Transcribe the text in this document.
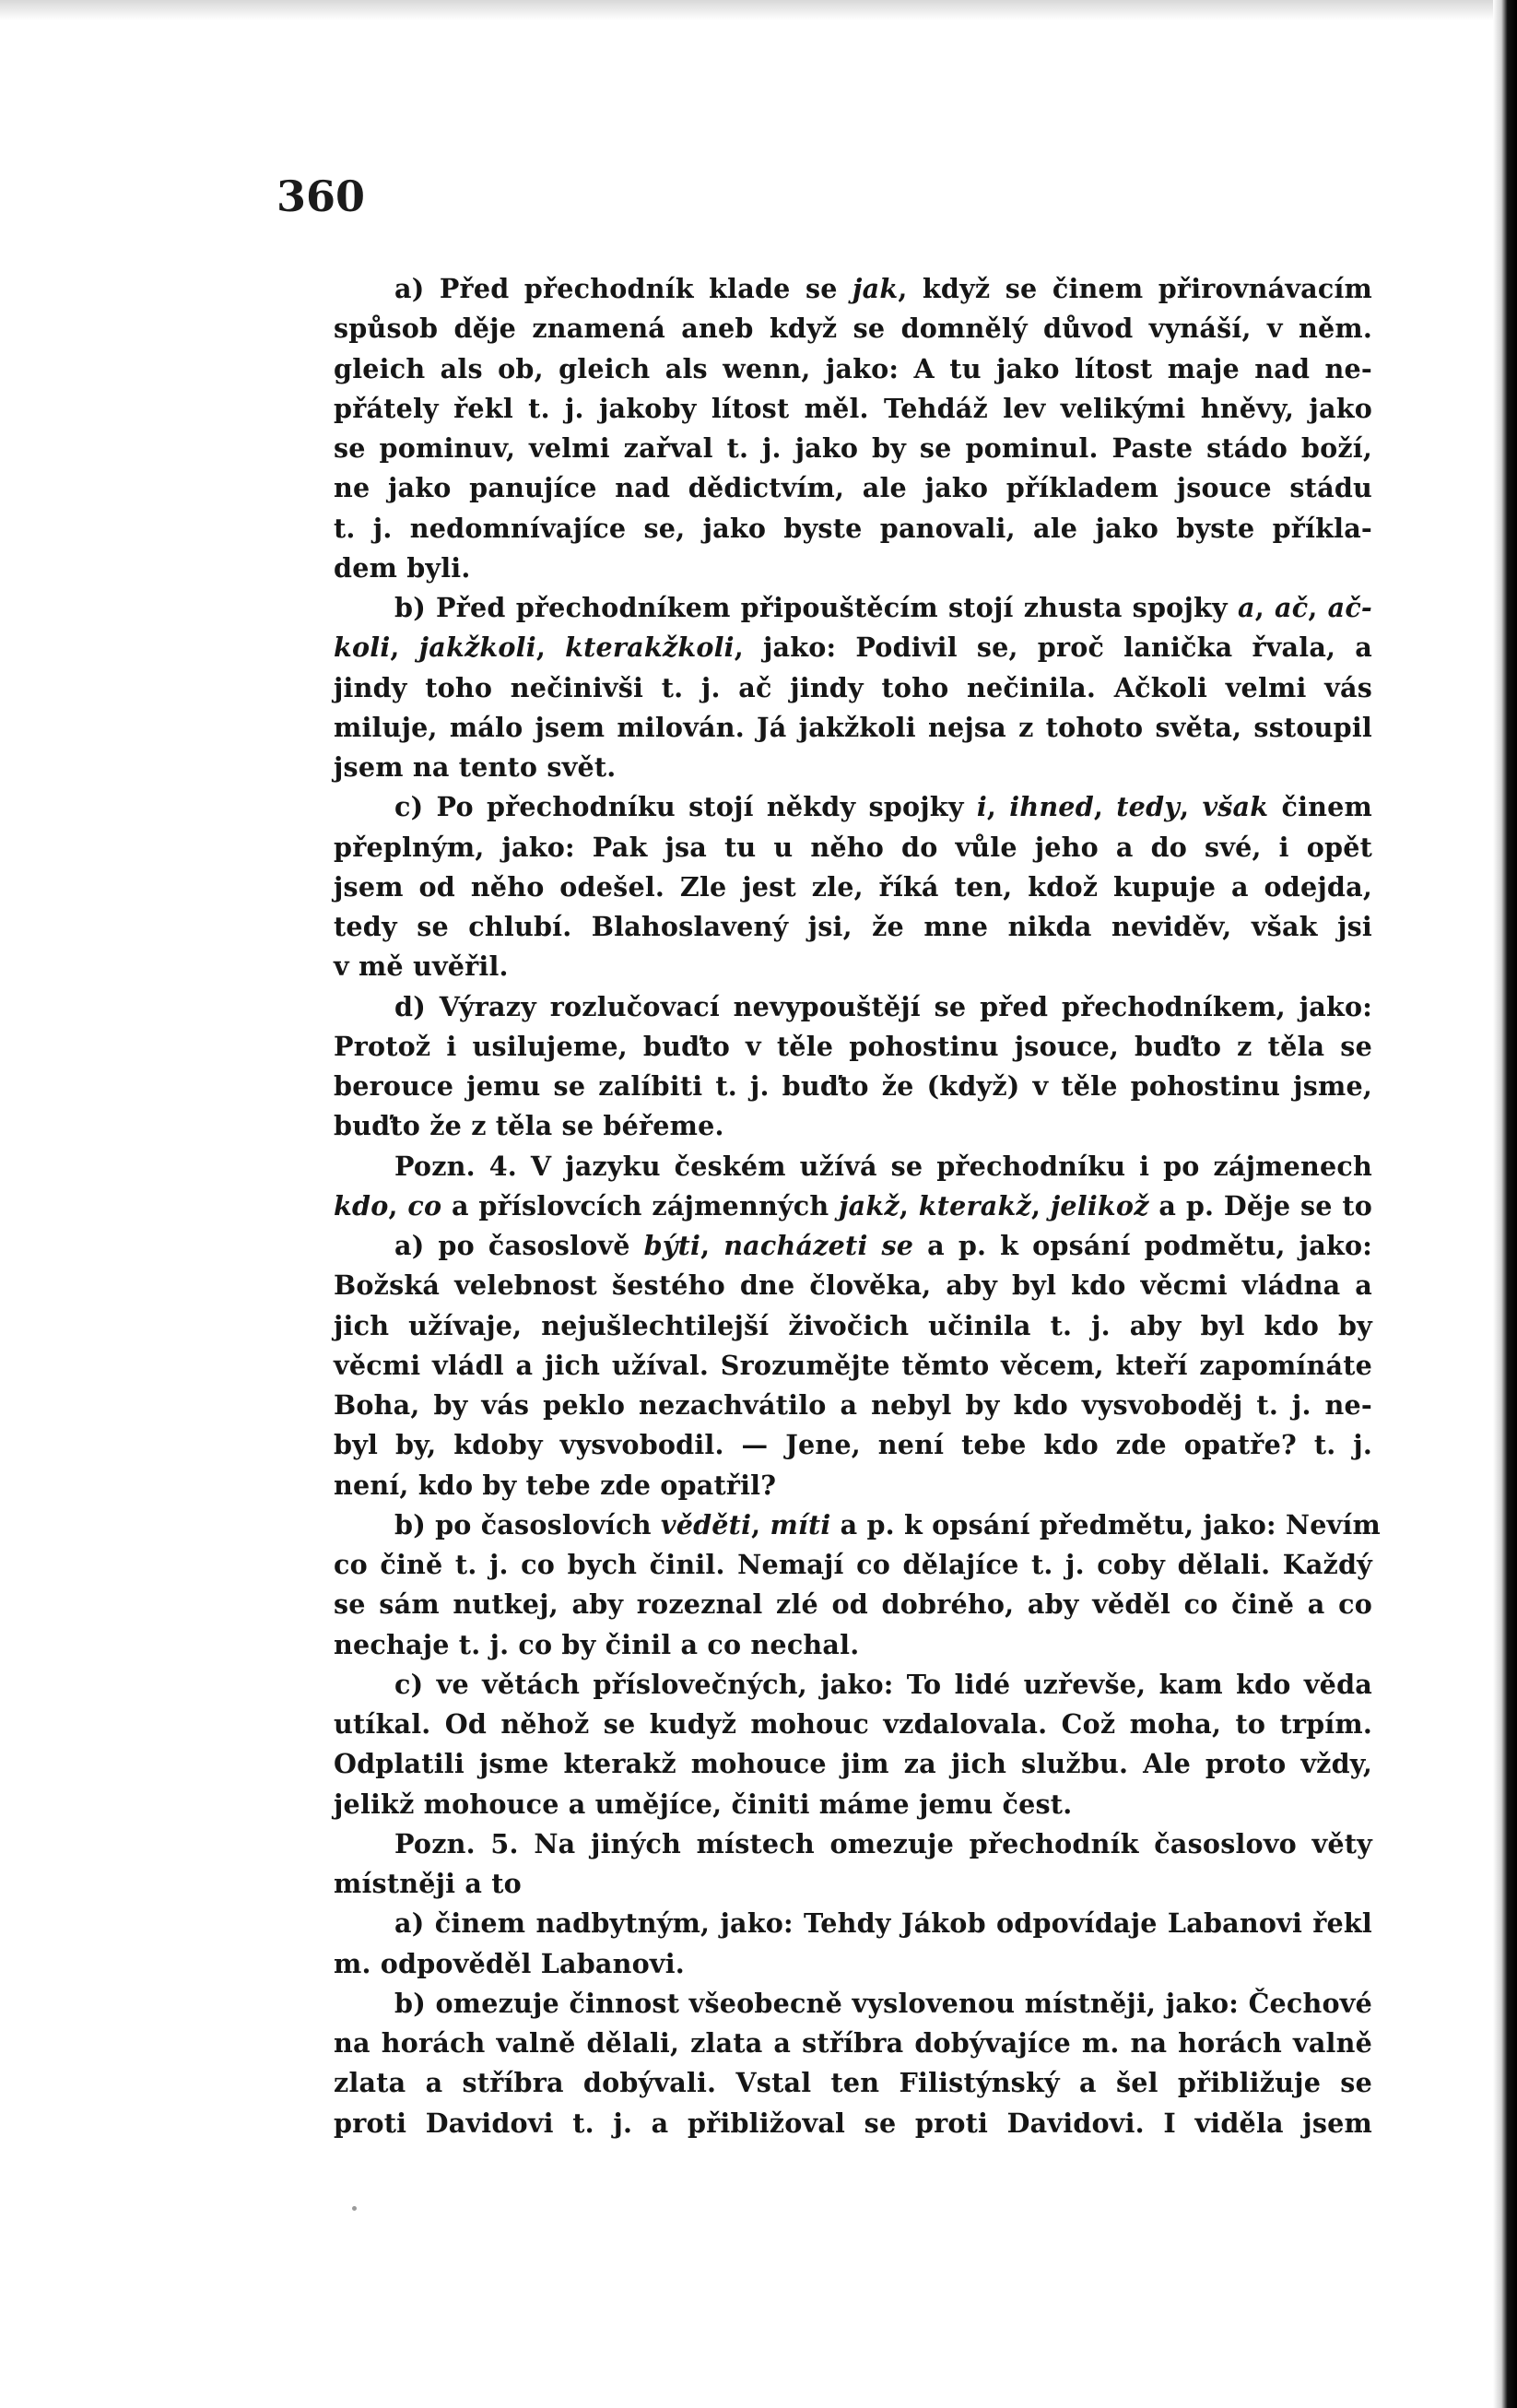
360

a) Před přechodník klade se jak, když se činem přirovnávacím

spůsob děje znamená aneb když se domnělý důvod vynáší, v něm.

gleich als ob, gleich als wenn, jako: A tu jako lítost maje nad ne-

přátely řekl t. j. jakoby lítost měl. Tehdáž lev velikými hněvy, jako

se pominuv, velmi zařval t. j. jako by se pominul. Paste stádo boží,

ne jako panujíce nad dědictvím, ale jako příkladem jsouce stádu

t. j. nedomnívajíce se, jako byste panovali, ale jako byste příkla-

dem byli.

b) Před přechodníkem připouštěcím stojí zhusta spojky a, ač, ač-

koli, jakžkoli, kterakžkoli, jako: Podivil se, proč lanička řvala, a

jindy toho nečinivši t. j. ač jindy toho nečinila. Ačkoli velmi vás

miluje, málo jsem milován. Já jakžkoli nejsa z tohoto světa, sstoupil

jsem na tento svět.

c) Po přechodníku stojí někdy spojky i, ihned, tedy, však činem

přeplným, jako: Pak jsa tu u něho do vůle jeho a do své, i opět

jsem od něho odešel. Zle jest zle, říká ten, kdož kupuje a odejda,

tedy se chlubí. Blahoslavený jsi, že mne nikda neviděv, však jsi

v mě uvěřil.

d) Výrazy rozlučovací nevypouštějí se před přechodníkem, jako:

Protož i usilujeme, buďto v těle pohostinu jsouce, buďto z těla se

berouce jemu se zalíbiti t. j. buďto že (když) v těle pohostinu jsme,

buďto že z těla se béřeme.

Pozn. 4. V jazyku českém užívá se přechodníku i po zájmenech

kdo, co a příslovcích zájmenných jakž, kterakž, jelikož a p. Děje se to

a) po časoslově býti, nacházeti se a p. k opsání podmětu, jako:

Božská velebnost šestého dne člověka, aby byl kdo věcmi vládna a

jich užívaje, nejušlechtilejší živočich učinila t. j. aby byl kdo by

věcmi vládl a jich užíval. Srozumějte těmto věcem, kteří zapomínáte

Boha, by vás peklo nezachvátilo a nebyl by kdo vysvoboděj t. j. ne-

byl by, kdoby vysvobodil. — Jene, není tebe kdo zde opatře? t. j.

není, kdo by tebe zde opatřil?

b) po časoslovích věděti, míti a p. k opsání předmětu, jako: Nevím

co čině t. j. co bych činil. Nemají co dělajíce t. j. coby dělali. Každý

se sám nutkej, aby rozeznal zlé od dobrého, aby věděl co čině a co

nechaje t. j. co by činil a co nechal.

c) ve větách příslovečných, jako: To lidé uzřevše, kam kdo věda

utíkal. Od něhož se kudyž mohouc vzdalovala. Což moha, to trpím.

Odplatili jsme kterakž mohouce jim za jich službu. Ale proto vždy,

jelikž mohouce a umějíce, činiti máme jemu čest.

Pozn. 5. Na jiných místech omezuje přechodník časoslovo věty

místněji a to

a) činem nadbytným, jako: Tehdy Jákob odpovídaje Labanovi řekl

m. odpověděl Labanovi.

b) omezuje činnost všeobecně vyslovenou místněji, jako: Čechové

na horách valně dělali, zlata a stříbra dobývajíce m. na horách valně

zlata a stříbra dobývali. Vstal ten Filistýnský a šel přibližuje se

proti Davidovi t. j. a přibližoval se proti Davidovi. I viděla jsem
